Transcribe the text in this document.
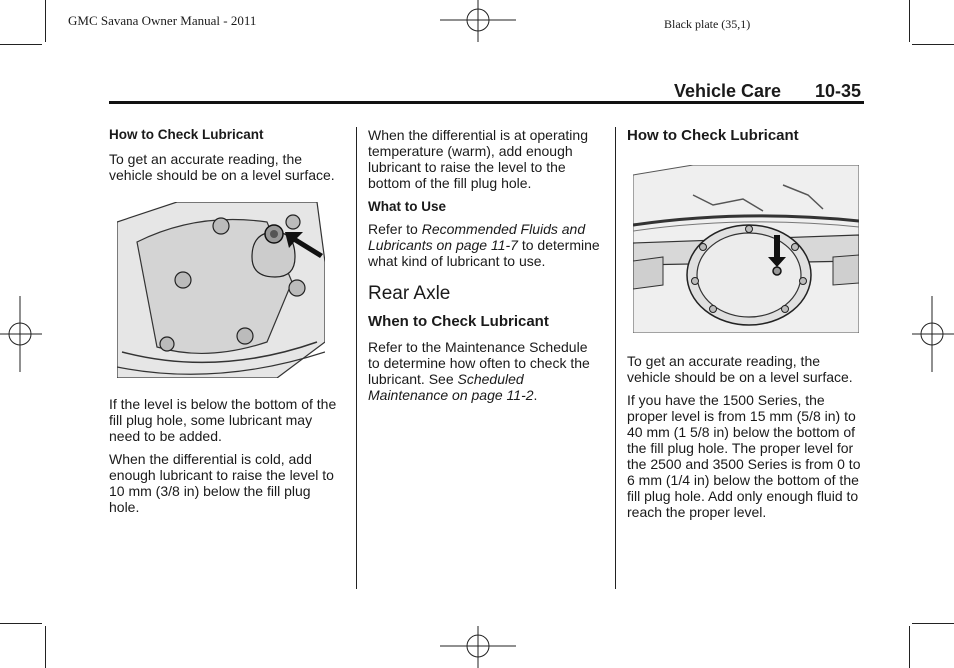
GMC Savana Owner Manual - 2011	Black plate (35,1)
Vehicle Care 10-35
How to Check Lubricant

To get an accurate reading, the vehicle should be on a level surface.

If the level is below the bottom of the fill plug hole, some lubricant may need to be added.

When the differential is cold, add enough lubricant to raise the level to 10 mm (3/8 in) below the fill plug hole.

When the differential is at operating temperature (warm), add enough lubricant to raise the level to the bottom of the fill plug hole.

What to Use

Refer to Recommended Fluids and Lubricants on page 11-7 to determine what kind of lubricant to use.

Rear Axle
When to Check Lubricant

Refer to the Maintenance Schedule to determine how often to check the lubricant. See Scheduled Maintenance on page 11-2.

How to Check Lubricant

To get an accurate reading, the vehicle should be on a level surface.

If you have the 1500 Series, the proper level is from 15 mm (5/8 in) to 40 mm (1 5/8 in) below the bottom of the fill plug hole. The proper level for the 2500 and 3500 Series is from 0 to 6 mm (1/4 in) below the bottom of the fill plug hole. Add only enough fluid to reach the proper level.
